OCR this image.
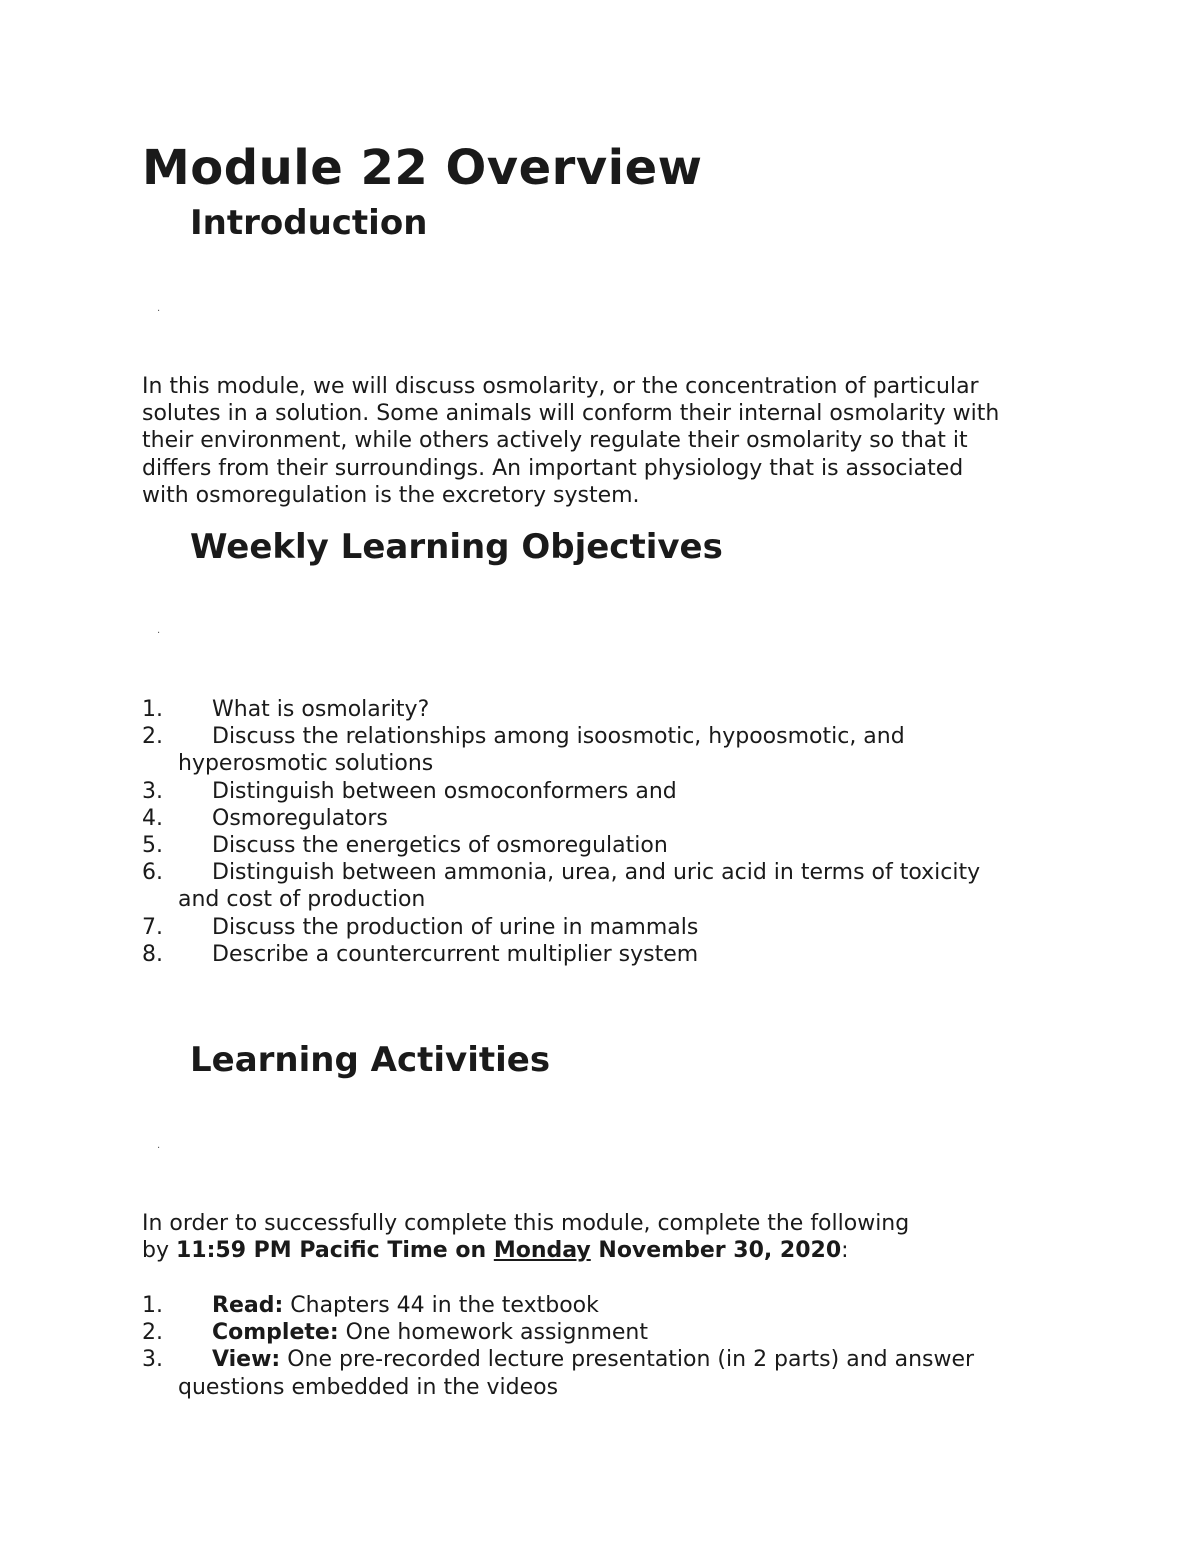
Module 22 Overview
Introduction
·
In this module, we will discuss osmolarity, or the concentration of particular
solutes in a solution. Some animals will conform their internal osmolarity with
their environment, while others actively regulate their osmolarity so that it
differs from their surroundings. An important physiology that is associated
with osmoregulation is the excretory system.
Weekly Learning Objectives
·
1. What is osmolarity?
2. Discuss the relationships among isoosmotic, hypoosmotic, and
hyperosmotic solutions
3. Distinguish between osmoconformers and
4. Osmoregulators
5. Discuss the energetics of osmoregulation
6. Distinguish between ammonia, urea, and uric acid in terms of toxicity
and cost of production
7. Discuss the production of urine in mammals
8. Describe a countercurrent multiplier system
Learning Activities
·
In order to successfully complete this module, complete the following
by 11:59 PM Pacific Time on Monday November 30, 2020:
1. Read: Chapters 44 in the textbook
2. Complete: One homework assignment
3. View: One pre-recorded lecture presentation (in 2 parts) and answer
questions embedded in the videos
